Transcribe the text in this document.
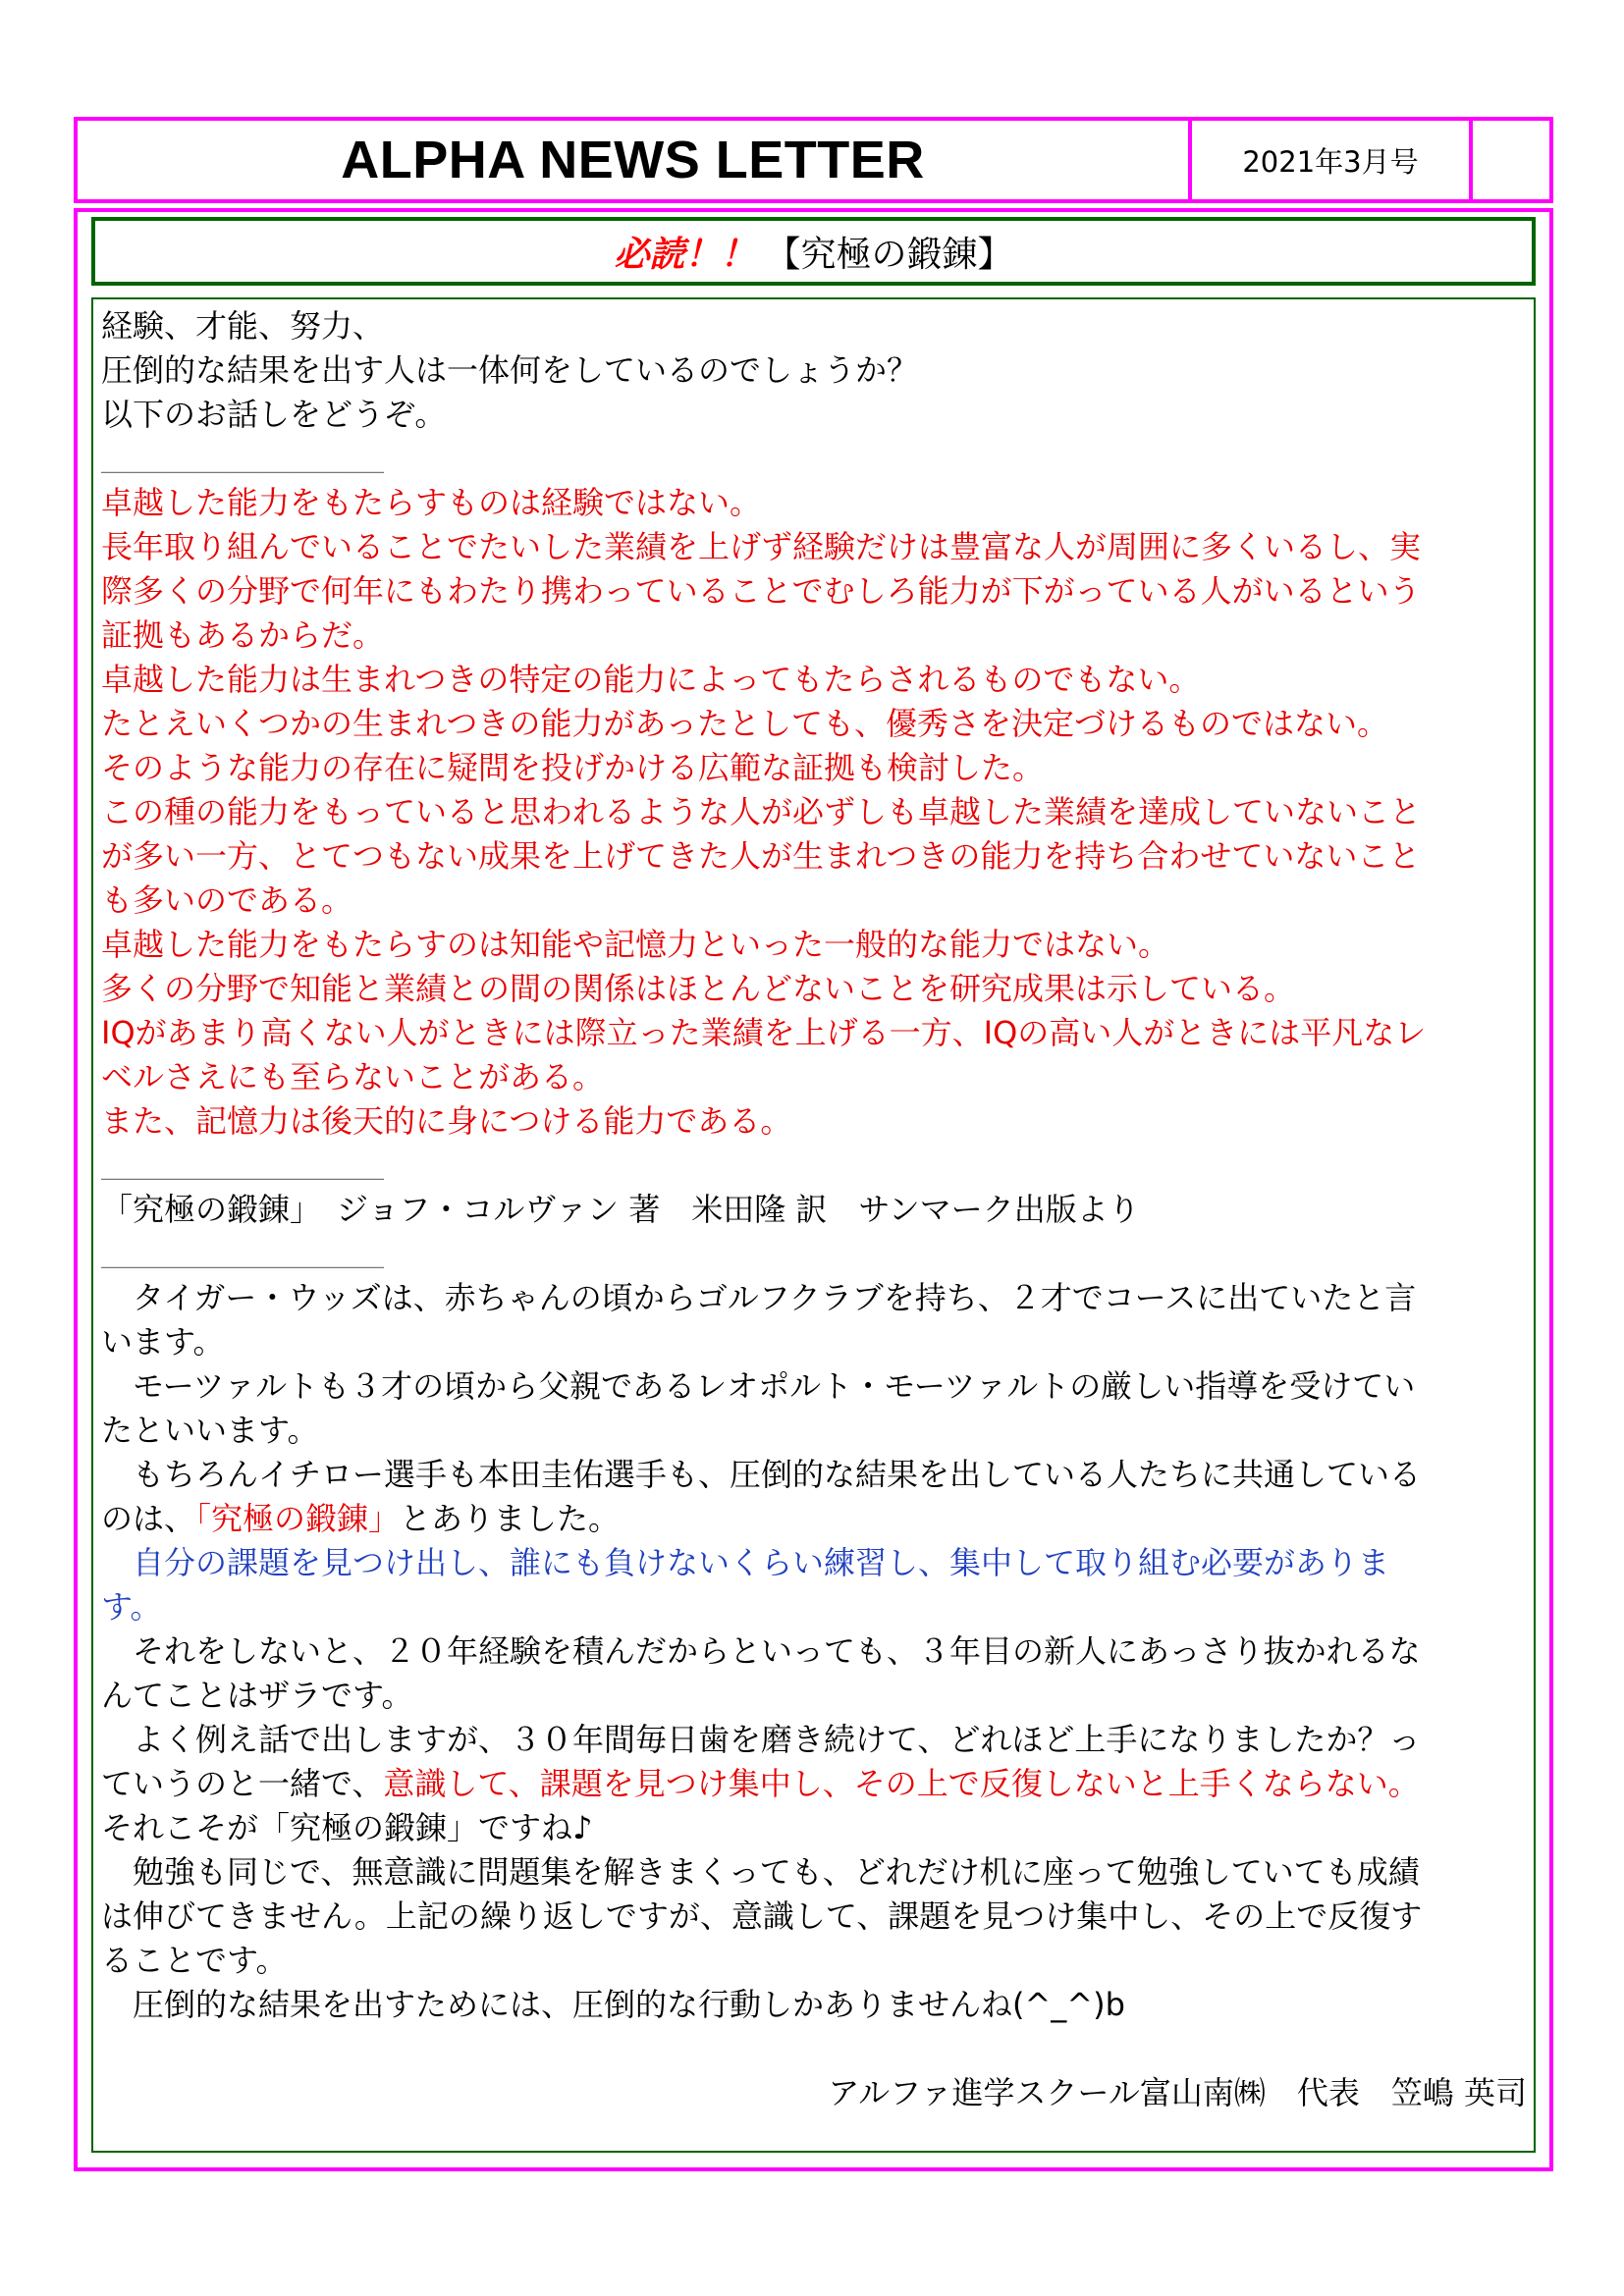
ALPHA NEWS LETTER	2021年3月号
必読！！ 【究極の鍛錬】
経験、才能、努力、
圧倒的な結果を出す人は一体何をしているのでしょうか？
以下のお話しをどうぞ。
＿＿＿＿＿＿＿＿＿
卓越した能力をもたらすものは経験ではない。
長年取り組んでいることでたいした業績を上げず経験だけは豊富な人が周囲に多くいるし、実
際多くの分野で何年にもわたり携わっていることでむしろ能力が下がっている人がいるという
証拠もあるからだ。
卓越した能力は生まれつきの特定の能力によってもたらされるものでもない。
たとえいくつかの生まれつきの能力があったとしても、優秀さを決定づけるものではない。
そのような能力の存在に疑問を投げかける広範な証拠も検討した。
この種の能力をもっていると思われるような人が必ずしも卓越した業績を達成していないこと
が多い一方、とてつもない成果を上げてきた人が生まれつきの能力を持ち合わせていないこと
も多いのである。
卓越した能力をもたらすのは知能や記憶力といった一般的な能力ではない。
多くの分野で知能と業績との間の関係はほとんどないことを研究成果は示している。
IQがあまり高くない人がときには際立った業績を上げる一方、IQの高い人がときには平凡なレ
ベルさえにも至らないことがある。
また、記憶力は後天的に身につける能力である。
＿＿＿＿＿＿＿＿＿
「究極の鍛錬」　ジョフ・コルヴァン 著　米田隆 訳　サンマーク出版より
＿＿＿＿＿＿＿＿＿
　タイガー・ウッズは、赤ちゃんの頃からゴルフクラブを持ち、２才でコースに出ていたと言
います。
　モーツァルトも３才の頃から父親であるレオポルト・モーツァルトの厳しい指導を受けてい
たといいます。
　もちろんイチロー選手も本田圭佑選手も、圧倒的な結果を出している人たちに共通している
のは、「究極の鍛錬」とありました。
　自分の課題を見つけ出し、誰にも負けないくらい練習し、集中して取り組む必要がありま
す。
　それをしないと、２０年経験を積んだからといっても、３年目の新人にあっさり抜かれるな
んてことはザラです。
　よく例え話で出しますが、３０年間毎日歯を磨き続けて、どれほど上手になりましたか？っ
ていうのと一緒で、意識して、課題を見つけ集中し、その上で反復しないと上手くならない。
それこそが「究極の鍛錬」ですね♪
　勉強も同じで、無意識に問題集を解きまくっても、どれだけ机に座って勉強していても成績
は伸びてきません。上記の繰り返しですが、意識して、課題を見つけ集中し、その上で反復す
ることです。
　圧倒的な結果を出すためには、圧倒的な行動しかありませんね(^_^)b
アルファ進学スクール富山南㈱　代表　笠嶋 英司
